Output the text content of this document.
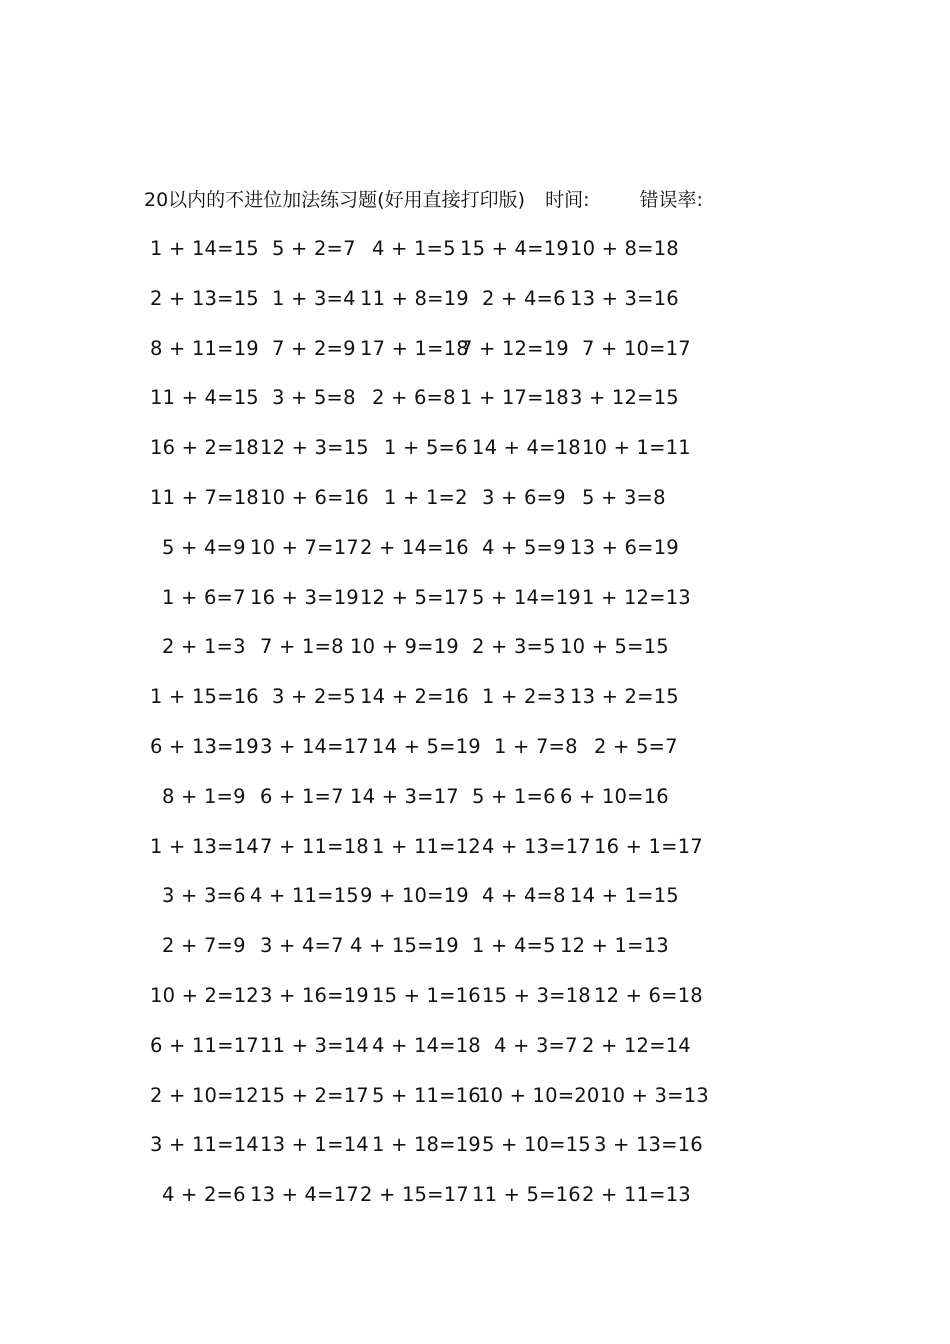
20以内的不进位加法练习题(好用直接打印版) 时间:	错误率:
1 + 14=15 5 + 2=7 4 + 1=5 15 + 4=19 10 + 8=18
2 + 13=15 1 + 3=4 11 + 8=19 2 + 4=6 13 + 3=16
8 + 11=19 7 + 2=9 17 + 1=18
7 + 12=19 7 + 10=17
11 + 4=15 3 + 5=8 2 + 6=8 1 + 17=18 3 + 12=15
16 + 2=18 12 + 3=15 1 + 5=6 14 + 4=18 10 + 1=11
11 + 7=18 10 + 6=16 1 + 1=2 3 + 6=9 5 + 3=8
5 + 4=9 10 + 7=17 2 + 14=16 4 + 5=9 13 + 6=19
1 + 6=7 16 + 3=19 12 + 5=17 5 + 14=19 1 + 12=13
2 + 1=3 7 + 1=8 10 + 9=19 2 + 3=5 10 + 5=15
1 + 15=16 3 + 2=5 14 + 2=16 1 + 2=3 13 + 2=15
6 + 13=19 3 + 14=17 14 + 5=19 1 + 7=8 2 + 5=7
8 + 1=9 6 + 1=7 14 + 3=17 5 + 1=6 6 + 10=16
1 + 13=14 7 + 11=18 1 + 11=12 4 + 13=17 16 + 1=17
3 + 3=6 4 + 11=15 9 + 10=19 4 + 4=8 14 + 1=15
2 + 7=9 3 + 4=7 4 + 15=19 1 + 4=5 12 + 1=13
10 + 2=12 3 + 16=19 15 + 1=16 15 + 3=18 12 + 6=18
6 + 11=17 11 + 3=14 4 + 14=18 4 + 3=7 2 + 12=14
2 + 10=12 15 + 2=17 5 + 11=16
10 + 10=20 10 + 3=13
3 + 11=14 13 + 1=14 1 + 18=19 5 + 10=15 3 + 13=16
4 + 2=6 13 + 4=17 2 + 15=17 11 + 5=16 2 + 11=13
